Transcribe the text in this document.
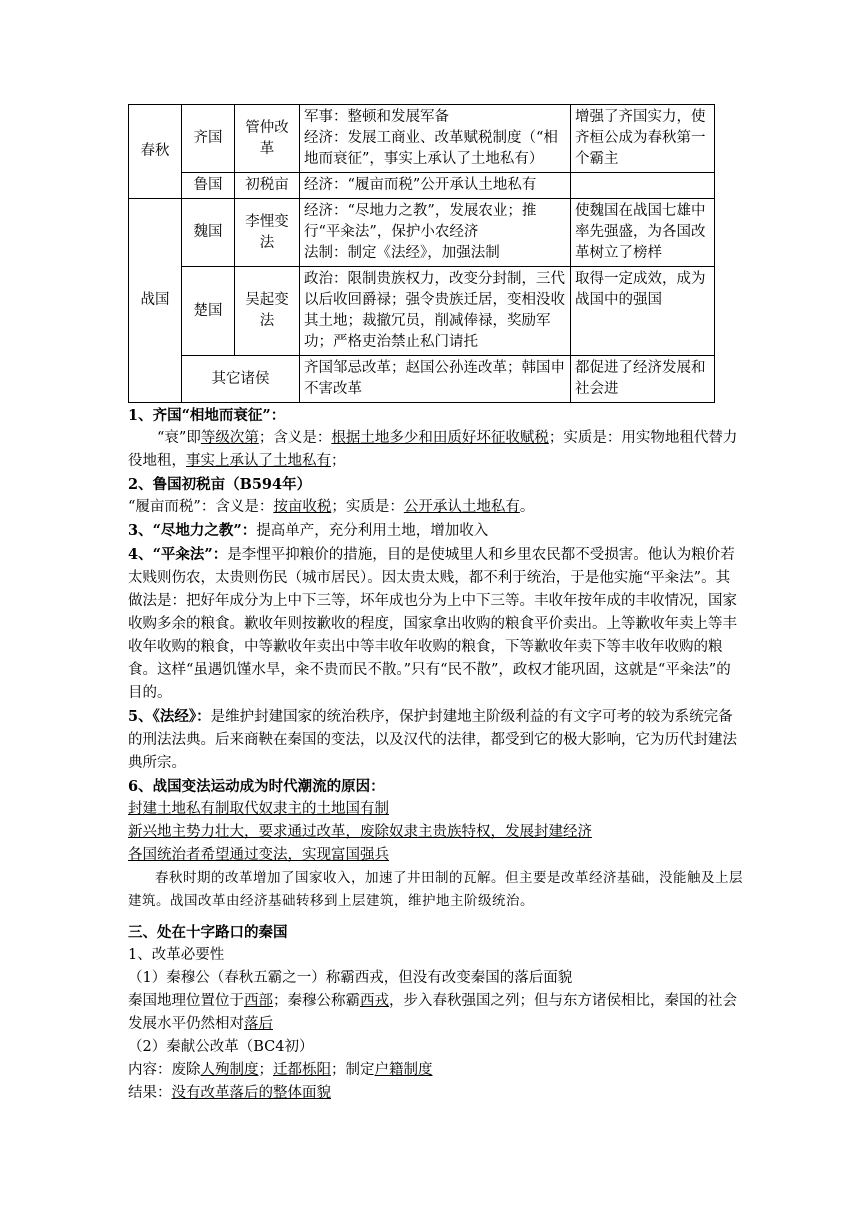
春秋	齐国	管仲改革	军事：整顿和发展军备
经济：发展工商业、改革赋税制度（“相地而衰征”，事实上承认了土地私有）	增强了齐国实力，使齐桓公成为春秋第一个霸主
	鲁国	初税亩	经济：“履亩而税”公开承认土地私有	
战国	魏国	李悝变法	经济：“尽地力之教”，发展农业；推行“平籴法”，保护小农经济
法制：制定《法经》，加强法制	使魏国在战国七雄中率先强盛，为各国改革树立了榜样
	楚国	吴起变法	政治：限制贵族权力，改变分封制，三代以后收回爵禄；强令贵族迁居，变相没收其土地；裁撤冗员，削减俸禄，奖励军功；严格吏治禁止私门请托	取得一定成效，成为战国中的强国
	其它诸侯		齐国邹忌改革；赵国公孙连改革；韩国申不害改革	都促进了经济发展和社会进

1、齐国“相地而衰征”：

“衰”即等级次第；含义是：根据土地多少和田质好坏征收赋税；实质是：用实物地租代替力役地租，事实上承认了土地私有；

2、鲁国初税亩（B594年）

“履亩而税”：含义是：按亩收税；实质是：公开承认土地私有。

3、“尽地力之教”：提高单产，充分利用土地，增加收入

4、“平籴法”：是李悝平抑粮价的措施，目的是使城里人和乡里农民都不受损害。他认为粮价若太贱则伤农，太贵则伤民（城市居民）。因太贵太贱，都不利于统治，于是他实施“平籴法”。其做法是：把好年成分为上中下三等，坏年成也分为上中下三等。丰收年按年成的丰收情况，国家收购多余的粮食。歉收年则按歉收的程度，国家拿出收购的粮食平价卖出。上等歉收年卖上等丰收年收购的粮食，中等歉收年卖出中等丰收年收购的粮食，下等歉收年卖下等丰收年收购的粮食。这样“虽遇饥馑水旱，籴不贵而民不散。”只有“民不散”，政权才能巩固，这就是“平籴法”的目的。

5、《法经》：是维护封建国家的统治秩序，保护封建地主阶级利益的有文字可考的较为系统完备的刑法法典。后来商鞅在秦国的变法，以及汉代的法律，都受到它的极大影响，它为历代封建法典所宗。

6、战国变法运动成为时代潮流的原因：

封建土地私有制取代奴隶主的土地国有制

新兴地主势力壮大，要求通过改革，废除奴隶主贵族特权，发展封建经济

各国统治者希望通过变法，实现富国强兵

春秋时期的改革增加了国家收入，加速了井田制的瓦解。但主要是改革经济基础，没能触及上层建筑。战国改革由经济基础转移到上层建筑，维护地主阶级统治。

三、处在十字路口的秦国

1、改革必要性

（1）秦穆公（春秋五霸之一）称霸西戎，但没有改变秦国的落后面貌

秦国地理位置位于西部；秦穆公称霸西戎，步入春秋强国之列；但与东方诸侯相比，秦国的社会发展水平仍然相对落后

（2）秦献公改革（BC4初）

内容：废除人殉制度；迁都栎阳；制定户籍制度

结果：没有改革落后的整体面貌
